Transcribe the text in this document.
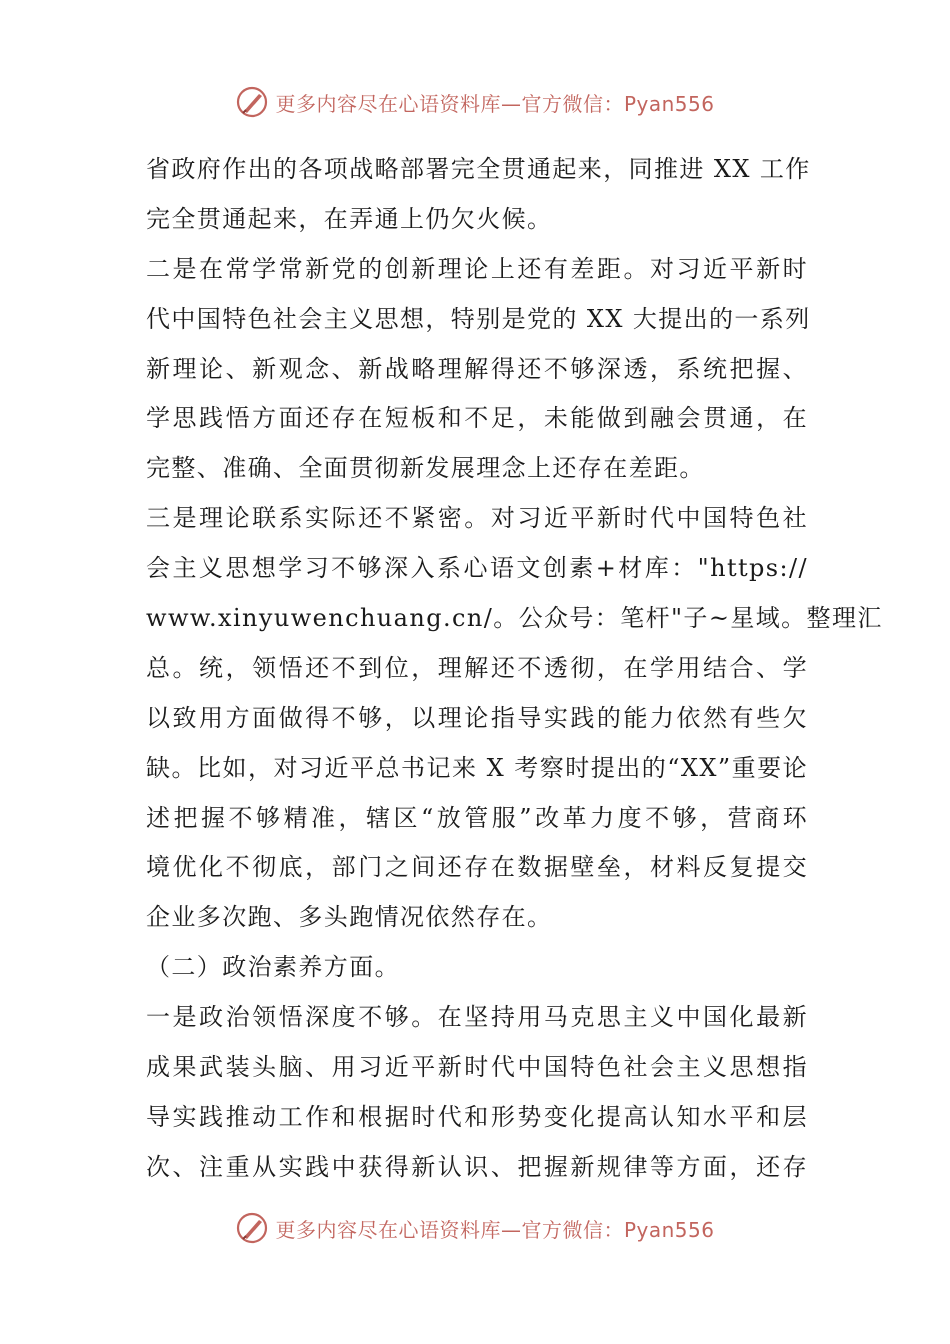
更多内容尽在心语资料库—官方微信：Pyan556
省政府作出的各项战略部署完全贯通起来，同推进 XX 工作
完全贯通起来，在弄通上仍欠火候。
二是在常学常新党的创新理论上还有差距。对习近平新时
代中国特色社会主义思想，特别是党的 XX 大提出的一系列
新理论、新观念、新战略理解得还不够深透，系统把握、
学思践悟方面还存在短板和不足，未能做到融会贯通，在
完整、准确、全面贯彻新发展理念上还存在差距。
三是理论联系实际还不紧密。对习近平新时代中国特色社
会主义思想学习不够深入系心语文创素+材库："https://
www.xinyuwenchuang.cn/。公众号：笔杆"子~星域。整理汇
总。统，领悟还不到位，理解还不透彻，在学用结合、学
以致用方面做得不够，以理论指导实践的能力依然有些欠
缺。比如，对习近平总书记来 X 考察时提出的“XX”重要论
述把握不够精准，辖区“放管服”改革力度不够，营商环
境优化不彻底，部门之间还存在数据壁垒，材料反复提交
企业多次跑、多头跑情况依然存在。
（二）政治素养方面。
一是政治领悟深度不够。在坚持用马克思主义中国化最新
成果武装头脑、用习近平新时代中国特色社会主义思想指
导实践推动工作和根据时代和形势变化提高认知水平和层
次、注重从实践中获得新认识、把握新规律等方面，还存
更多内容尽在心语资料库—官方微信：Pyan556
